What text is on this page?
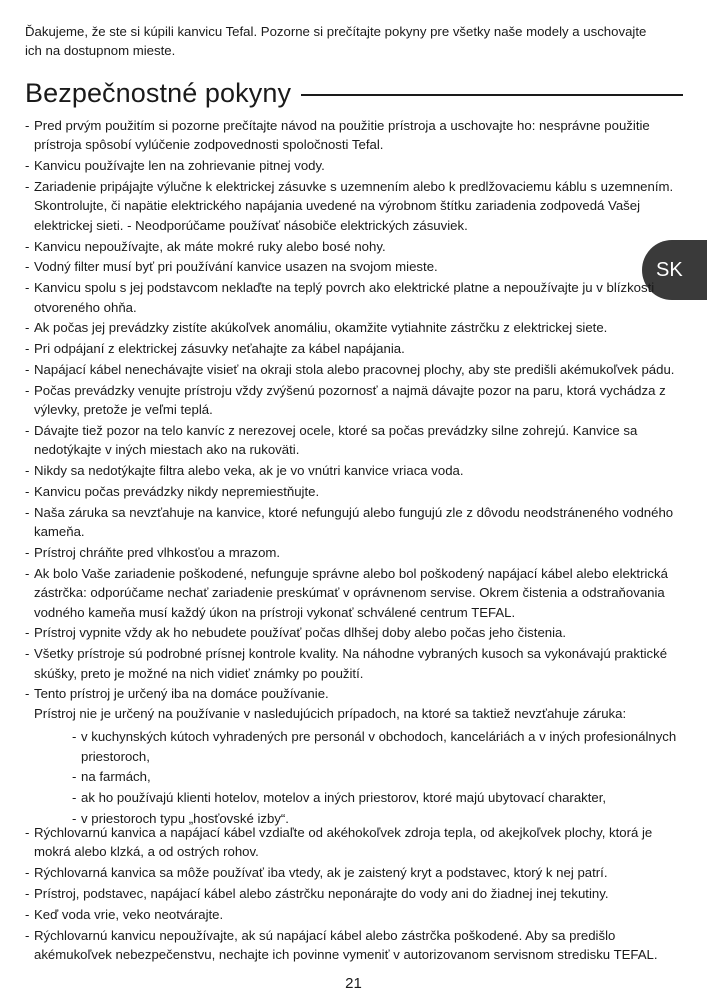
Ďakujeme, že ste si kúpili kanvicu Tefal. Pozorne si prečítajte pokyny pre všetky naše modely a uschovajte ich na dostupnom mieste.

Bezpečnostné pokyny
SK
- Pred prvým použitím si pozorne prečítajte návod na použitie prístroja a uschovajte ho: nesprávne použitie prístroja spôsobí vylúčenie zodpovednosti spoločnosti Tefal.
- Kanvicu používajte len na zohrievanie pitnej vody.
- Zariadenie pripájajte výlučne k elektrickej zásuvke s uzemnením alebo k predlžovaciemu káblu s uzemnením. Skontrolujte, či napätie elektrického napájania uvedené na výrobnom štítku zariadenia zodpovedá Vašej elektrickej sieti. - Neodporúčame používať násobiče elektrických zásuviek.
- Kanvicu nepoužívajte, ak máte mokré ruky alebo bosé nohy.
- Vodný filter musí byť pri používání kanvice usazen na svojom mieste.
- Kanvicu spolu s jej podstavcom neklaďte na teplý povrch ako elektrické platne a nepoužívajte ju v blízkosti otvoreného ohňa.
- Ak počas jej prevádzky zistíte akúkoľvek anomáliu, okamžite vytiahnite zástrčku z elektrickej siete.
- Pri odpájaní z elektrickej zásuvky neťahajte za kábel napájania.
- Napájací kábel nenechávajte visieť na okraji stola alebo pracovnej plochy, aby ste predišli akémukoľvek pádu.
- Počas prevádzky venujte prístroju vždy zvýšenú pozornosť a najmä dávajte pozor na paru, ktorá vychádza z výlevky, pretože je veľmi teplá.
- Dávajte tiež pozor na telo kanvíc z nerezovej ocele, ktoré sa počas prevádzky silne zohrejú. Kanvice sa nedotýkajte v iných miestach ako na rukoväti.
- Nikdy sa nedotýkajte filtra alebo veka, ak je vo vnútri kanvice vriaca voda.
- Kanvicu počas prevádzky nikdy nepremiestňujte.
- Naša záruka sa nevzťahuje na kanvice, ktoré nefungujú alebo fungujú zle z dôvodu neodstráneného vodného kameňa.
- Prístroj chráňte pred vlhkosťou a mrazom.
- Ak bolo Vaše zariadenie poškodené, nefunguje správne alebo bol poškodený napájací kábel alebo elektrická zástrčka: odporúčame nechať zariadenie preskúmať v oprávnenom servise. Okrem čistenia a odstraňovania vodného kameňa musí každý úkon na prístroji vykonať schválené centrum TEFAL.
- Prístroj vypnite vždy ak ho nebudete používať počas dlhšej doby alebo počas jeho čistenia.
- Všetky prístroje sú podrobné prísnej kontrole kvality. Na náhodne vybraných kusoch sa vykonávajú praktické skúšky, preto je možné na nich vidieť známky po použití.
- Tento prístroj je určený iba na domáce používanie.
Prístroj nie je určený na používanie v nasledujúcich prípadoch, na ktoré sa taktiež nevzťahuje záruka:
- v kuchynských kútoch vyhradených pre personál v obchodoch, kanceláriách a v iných profesionálnych priestoroch,
- na farmách,
- ak ho používajú klienti hotelov, motelov a iných priestorov, ktoré majú ubytovací charakter,
- v priestoroch typu „hosťovské izby“.
- Rýchlovarnú kanvica a napájací kábel vzdiaľte od akéhokoľvek zdroja tepla, od akejkoľvek plochy, ktorá je mokrá alebo klzká, a od ostrých rohov.
- Rýchlovarná kanvica sa môže používať iba vtedy, ak je zaistený kryt a podstavec, ktorý k nej patrí.
- Prístroj, podstavec, napájací kábel alebo zástrčku neponárajte do vody ani do žiadnej inej tekutiny.
- Keď voda vrie, veko neotvárajte.
- Rýchlovarnú kanvicu nepoužívajte, ak sú napájací kábel alebo zástrčka poškodené. Aby sa predišlo akémukoľvek nebezpečenstvu, nechajte ich povinne vymeniť v autorizovanom servisnom stredisku TEFAL.
21
